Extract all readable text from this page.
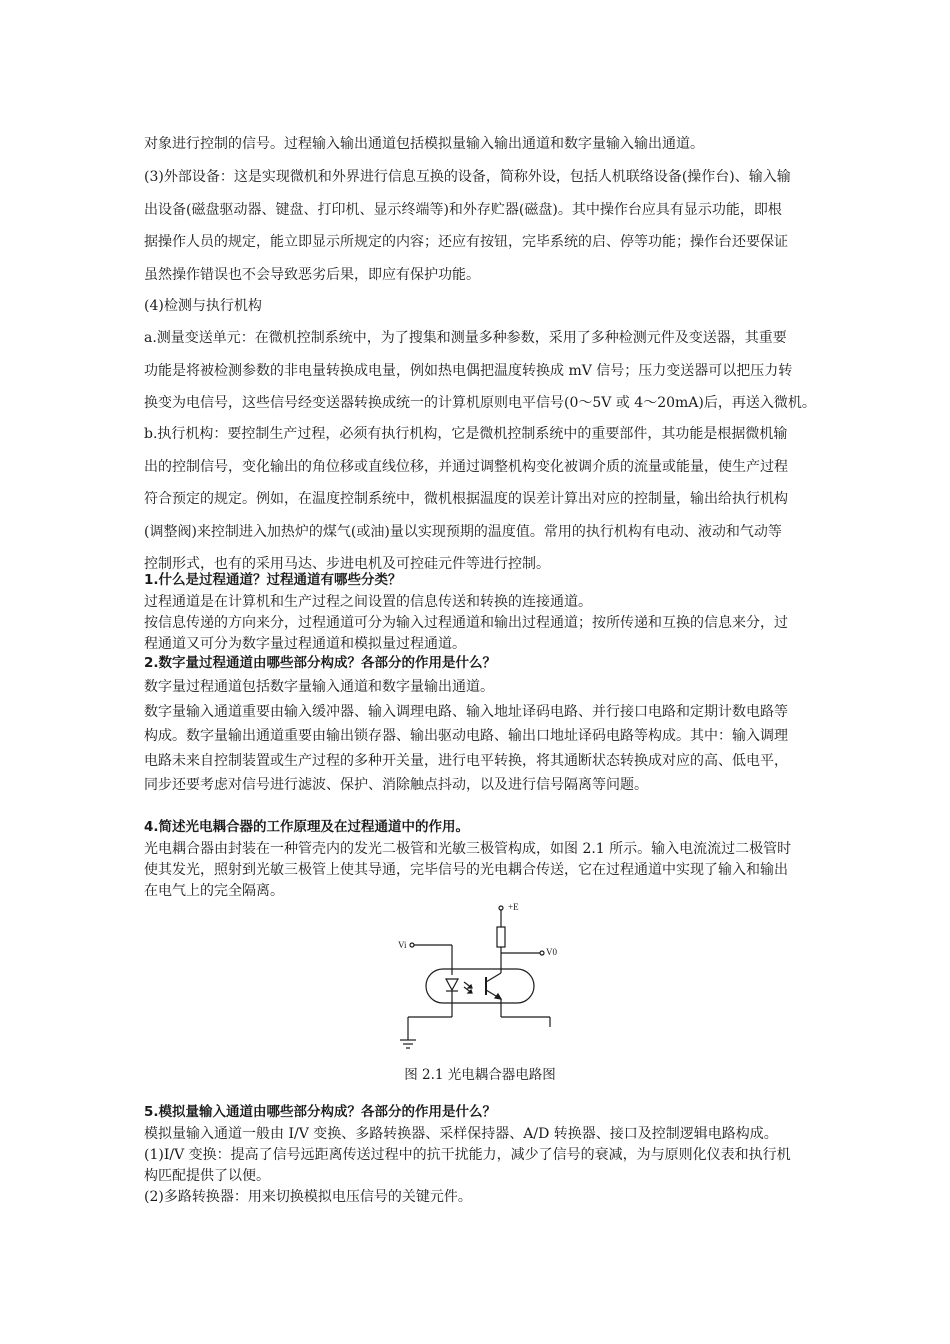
对象进行控制的信号。过程输入输出通道包括模拟量输入输出通道和数字量输入输出通道。

(3)外部设备：这是实现微机和外界进行信息互换的设备，简称外设，包括人机联络设备(操作台)、输入输
出设备(磁盘驱动器、键盘、打印机、显示终端等)和外存贮器(磁盘)。其中操作台应具有显示功能，即根
据操作人员的规定，能立即显示所规定的内容；还应有按钮，完毕系统的启、停等功能；操作台还要保证
虽然操作错误也不会导致恶劣后果，即应有保护功能。

(4)检测与执行机构

a.测量变送单元：在微机控制系统中，为了搜集和测量多种参数，采用了多种检测元件及变送器，其重要
功能是将被检测参数的非电量转换成电量，例如热电偶把温度转换成 mV 信号；压力变送器可以把压力转
换变为电信号，这些信号经变送器转换成统一的计算机原则电平信号(0～5V 或 4～20mA)后，再送入微机。

b.执行机构：要控制生产过程，必须有执行机构，它是微机控制系统中的重要部件，其功能是根据微机输
出的控制信号，变化输出的角位移或直线位移，并通过调整机构变化被调介质的流量或能量，使生产过程
符合预定的规定。例如，在温度控制系统中，微机根据温度的误差计算出对应的控制量，输出给执行机构
(调整阀)来控制进入加热炉的煤气(或油)量以实现预期的温度值。常用的执行机构有电动、液动和气动等
控制形式，也有的采用马达、步进电机及可控硅元件等进行控制。

1.什么是过程通道？过程通道有哪些分类？

过程通道是在计算机和生产过程之间设置的信息传送和转换的连接通道。
按信息传递的方向来分，过程通道可分为输入过程通道和输出过程通道；按所传递和互换的信息来分，过
程通道又可分为数字量过程通道和模拟量过程通道。

2.数字量过程通道由哪些部分构成？各部分的作用是什么？

数字量过程通道包括数字量输入通道和数字量输出通道。
数字量输入通道重要由输入缓冲器、输入调理电路、输入地址译码电路、并行接口电路和定期计数电路等
构成。数字量输出通道重要由输出锁存器、输出驱动电路、输出口地址译码电路等构成。其中：输入调理
电路未来自控制装置或生产过程的多种开关量，进行电平转换，将其通断状态转换成对应的高、低电平，
同步还要考虑对信号进行滤波、保护、消除触点抖动，以及进行信号隔离等问题。

4.简述光电耦合器的工作原理及在过程通道中的作用。

光电耦合器由封装在一种管壳内的发光二极管和光敏三极管构成，如图 2.1 所示。输入电流流过二极管时
使其发光，照射到光敏三极管上使其导通，完毕信号的光电耦合传送，它在过程通道中实现了输入和输出
在电气上的完全隔离。

+E
Vi
V0
图 2.1 光电耦合器电路图

5.模拟量输入通道由哪些部分构成？各部分的作用是什么？

模拟量输入通道一般由 I/V 变换、多路转换器、采样保持器、A/D 转换器、接口及控制逻辑电路构成。
(1)I/V 变换：提高了信号远距离传送过程中的抗干扰能力，减少了信号的衰减，为与原则化仪表和执行机
构匹配提供了以便。
(2)多路转换器：用来切换模拟电压信号的关键元件。
